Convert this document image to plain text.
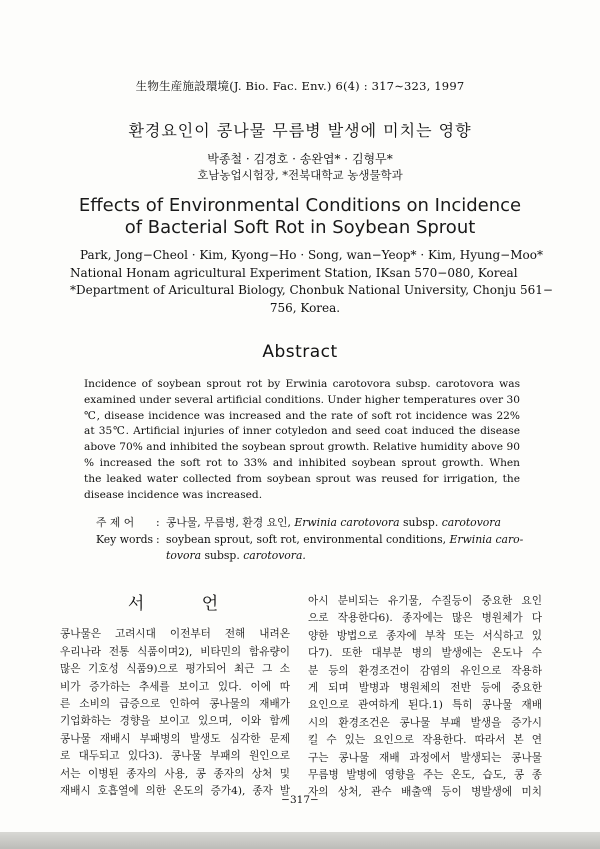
生物生産施設環境(J. Bio. Fac. Env.) 6(4) : 317∼323, 1997
환경요인이 콩나물 무름병 발생에 미치는 영향
박종철 · 김경호 · 송완엽* · 김형무*
호남농업시험장, *전북대학교 농생물학과
Effects of Environmental Conditions on Incidence
of Bacterial Soft Rot in Soybean Sprout
Park, Jong−Cheol · Kim, Kyong−Ho · Song, wan−Yeop* · Kim, Hyung−Moo*
National Honam agricultural Experiment Station, IKsan 570−080, Koreal
*Department of Aricultural Biology, Chonbuk National University, Chonju 561−
756, Korea.
Abstract
Incidence of soybean sprout rot by Erwinia carotovora subsp. carotovora was
examined under several artificial conditions. Under higher temperatures over 30
℃, disease incidence was increased and the rate of soft rot incidence was 22%
at 35℃. Artificial injuries of inner cotyledon and seed coat induced the disease
above 70% and inhibited the soybean sprout growth. Relative humidity above 90
% increased the soft rot to 33% and inhibited soybean sprout growth. When
the leaked water collected from soybean sprout was reused for irrigation, the
disease incidence was increased.
주 제 어	: 콩나물, 무름병, 환경 요인, Erwinia carotovora subsp. carotovora
Key words : soybean sprout, soft rot, environmental conditions, Erwinia caro-
tovora subsp. carotovora.
서 언
콩나물은 고려시대 이전부터 전해 내려온
우리나라 전통 식품이며2), 비타민의 함유량이
많은 기호성 식품9)으로 평가되어 최근 그 소
비가 증가하는 추세를 보이고 있다. 이에 따
른 소비의 급증으로 인하여 콩나물의 재배가
기업화하는 경향을 보이고 있으며, 이와 함께
콩나물 재배시 부패병의 발생도 심각한 문제
로 대두되고 있다3). 콩나물 부패의 원인으로
서는 이병된 종자의 사용, 콩 종자의 상처 및
재배시 호흡열에 의한 온도의 증가4), 종자 발
아시 분비되는 유기물, 수질등이 중요한 요인
으로 작용한다6). 종자에는 많은 병원체가 다
양한 방법으로 종자에 부착 또는 서식하고 있
다7). 또한 대부분 병의 발생에는 온도나 수
분 등의 환경조건이 감염의 유인으로 작용하
게 되며 발병과 병원체의 전반 등에 중요한
요인으로 관여하게 된다.1) 특히 콩나물 재배
시의 환경조건은 콩나물 부패 발생을 증가시
킬 수 있는 요인으로 작용한다. 따라서 본 연
구는 콩나물 재배 과정에서 발생되는 콩나물
무름병 발병에 영향을 주는 온도, 습도, 콩 종
자의 상처, 관수 배출액 등이 병발생에 미치
−317−
